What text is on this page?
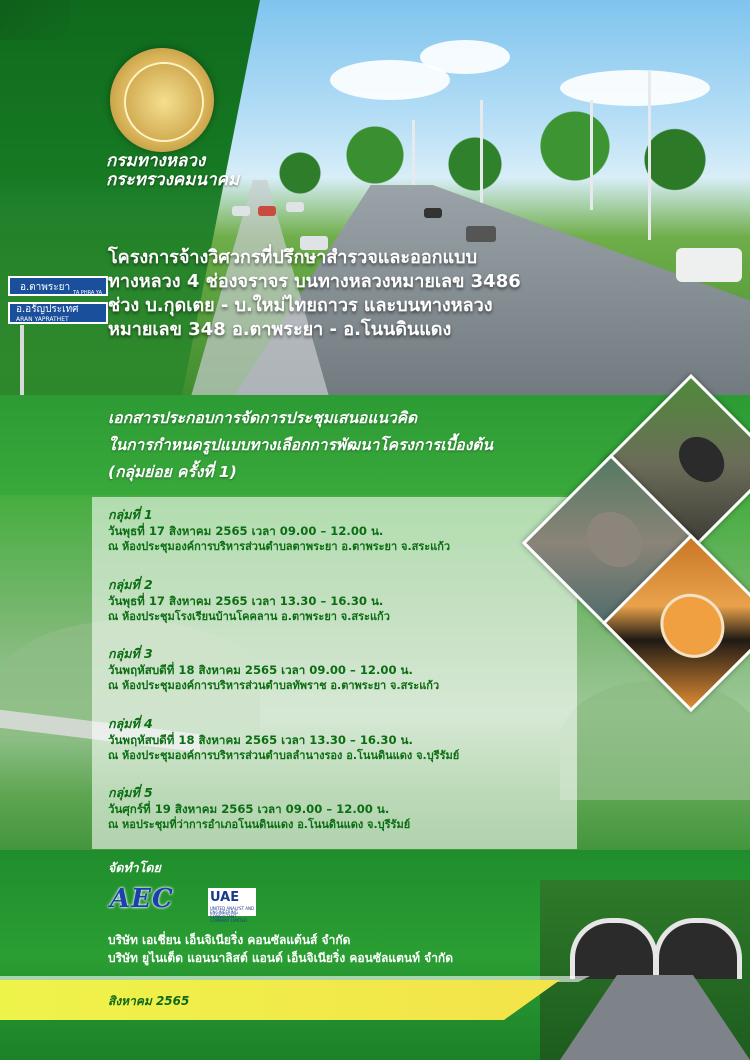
กรมทางหลวง
กระทรวงคมนาคม
อ.ตาพระยา TA PHRA YA
อ.อรัญประเทศ
ARAN YAPRATHET
โครงการจ้างวิศวกรที่ปรึกษาสำรวจและออกแบบ
ทางหลวง 4 ช่องจราจร บนทางหลวงหมายเลข 3486
ช่วง บ.กุดเตย - บ.ใหม่ไทยถาวร และบนทางหลวง
หมายเลข 348 อ.ตาพระยา - อ.โนนดินแดง
เอกสารประกอบการจัดการประชุมเสนอแนวคิด
ในการกำหนดรูปแบบทางเลือกการพัฒนาโครงการเบื้องต้น
(กลุ่มย่อย ครั้งที่ 1)
กลุ่มที่ 1
วันพุธที่ 17 สิงหาคม 2565 เวลา 09.00 – 12.00 น.
ณ ห้องประชุมองค์การบริหารส่วนตำบลตาพระยา อ.ตาพระยา จ.สระแก้ว
กลุ่มที่ 2
วันพุธที่ 17 สิงหาคม 2565 เวลา 13.30 – 16.30 น.
ณ ห้องประชุมโรงเรียนบ้านโคคลาน อ.ตาพระยา จ.สระแก้ว
กลุ่มที่ 3
วันพฤหัสบดีที่ 18 สิงหาคม 2565 เวลา 09.00 – 12.00 น.
ณ ห้องประชุมองค์การบริหารส่วนตำบลทัพราช อ.ตาพระยา จ.สระแก้ว
กลุ่มที่ 4
วันพฤหัสบดีที่ 18 สิงหาคม 2565 เวลา 13.30 – 16.30 น.
ณ ห้องประชุมองค์การบริหารส่วนตำบลลำนางรอง อ.โนนดินแดง จ.บุรีรัมย์
กลุ่มที่ 5
วันศุกร์ที่ 19 สิงหาคม 2565 เวลา 09.00 – 12.00 น.
ณ หอประชุมที่ว่าการอำเภอโนนดินแดง อ.โนนดินแดง จ.บุรีรัมย์
จัดทำโดย
AEC	UAE
UNITED ANALYST AND ENGINEERING CONSULTANT COMPANY LIMITED
บริษัท เอเชี่ยน เอ็นจิเนียริ่ง คอนซัลแต้นส์ จำกัด
บริษัท ยูไนเต็ด แอนนาลิสต์ แอนด์ เอ็นจิเนียริ่ง คอนซัลแตนท์ จำกัด
สิงหาคม 2565
